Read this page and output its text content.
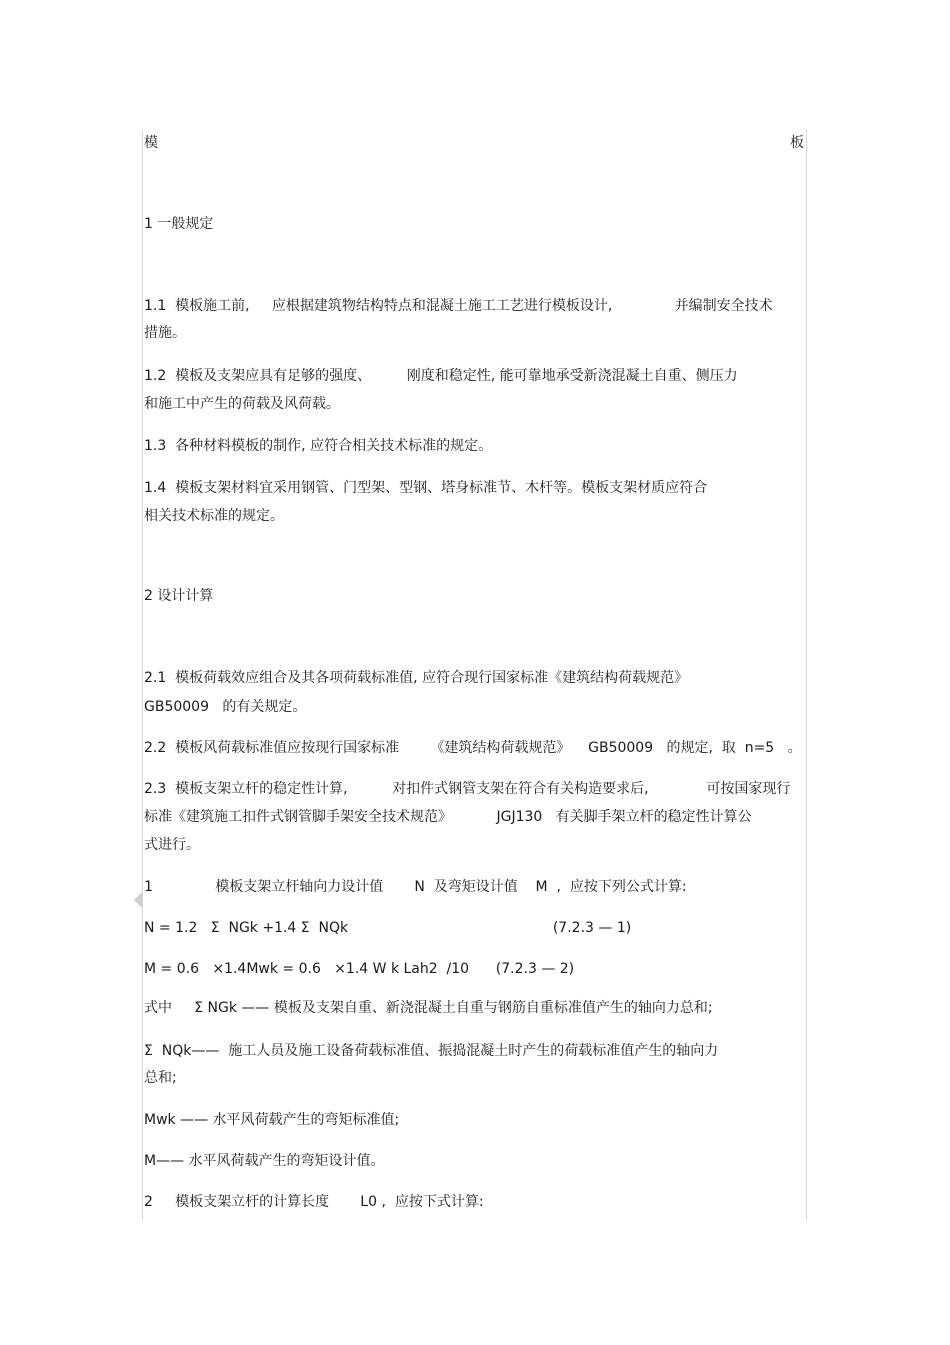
模	板
1 一般规定
1.1  模板施工前,     应根据建筑物结构特点和混凝土施工工艺进行模板设计,              并编制安全技术
措施。
1.2  模板及支架应具有足够的强度、        刚度和稳定性, 能可靠地承受新浇混凝土自重、侧压力
和施工中产生的荷载及风荷载。
1.3  各种材料模板的制作, 应符合相关技术标准的规定。
1.4  模板支架材料宜采用钢管、门型架、型钢、塔身标准节、木杆等。模板支架材质应符合
相关技术标准的规定。
2 设计计算
2.1  模板荷载效应组合及其各项荷载标准值, 应符合现行国家标准《建筑结构荷载规范》
GB50009   的有关规定。
2.2  模板风荷载标准值应按现行国家标准       《建筑结构荷载规范》    GB50009   的规定,  取  n=5   。
2.3  模板支架立杆的稳定性计算,          对扣件式钢管支架在符合有关构造要求后,             可按国家现行
标准《建筑施工扣件式钢管脚手架安全技术规范》          JGJ130   有关脚手架立杆的稳定性计算公
式进行。
1              模板支架立杆轴向力设计值       N  及弯矩设计值    M  ,  应按下列公式计算:
N = 1.2   Σ  NGk +1.4 Σ  NQk                                              (7.2.3 — 1)
M = 0.6   ×1.4Mwk = 0.6   ×1.4 W k Lah2  /10      (7.2.3 — 2)
式中     Σ NGk —— 模板及支架自重、新浇混凝土自重与钢筋自重标准值产生的轴向力总和;
Σ  NQk——  施工人员及施工设备荷载标准值、振捣混凝土时产生的荷载标准值产生的轴向力
总和;
Mwk —— 水平风荷载产生的弯矩标准值;
M—— 水平风荷载产生的弯矩设计值。
2     模板支架立杆的计算长度       L0 ,  应按下式计算:
